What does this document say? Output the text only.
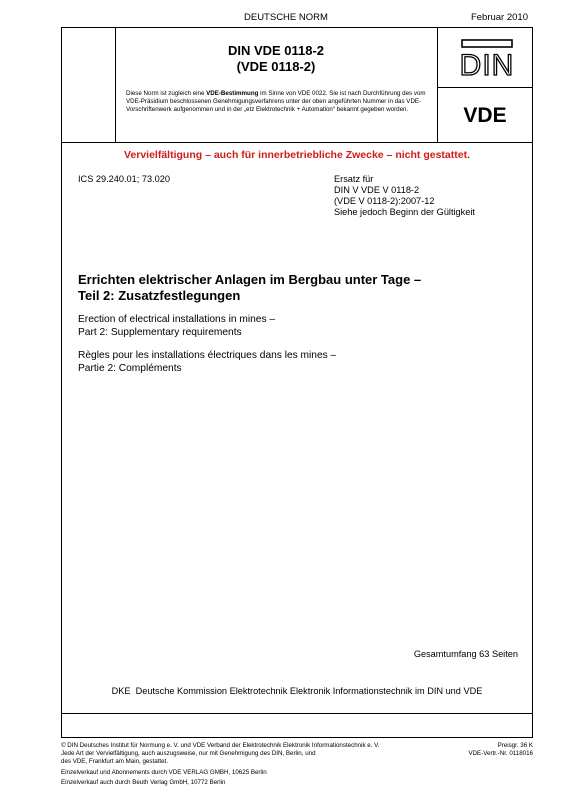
DEUTSCHE NORM	Februar 2010
DIN VDE 0118-2
(VDE 0118-2)
Diese Norm ist zugleich eine VDE-Bestimmung im Sinne von VDE 0022. Sie ist nach Durchführung des vom VDE-Präsidium beschlossenen Genehmigungsverfahrens unter der oben angeführten Nummer in das VDE-Vorschriftenwerk aufgenommen und in der „etz Elektrotechnik + Automation“ bekannt gegeben worden.
DIN
VDE
Vervielfältigung – auch für innerbetriebliche Zwecke – nicht gestattet.
ICS 29.240.01; 73.020	Ersatz für
DIN V VDE V 0118-2
(VDE V 0118-2):2007-12
Siehe jedoch Beginn der Gültigkeit
Errichten elektrischer Anlagen im Bergbau unter Tage –
Teil 2: Zusatzfestlegungen
Erection of electrical installations in mines –
Part 2: Supplementary requirements
Règles pour les installations électriques dans les mines –
Partie 2: Compléments
Gesamtumfang 63 Seiten
DKE  Deutsche Kommission Elektrotechnik Elektronik Informationstechnik im DIN und VDE
© DIN Deutsches Institut für Normung e. V. und VDE Verband der Elektrotechnik Elektronik Informationstechnik e. V.
Jede Art der Vervielfältigung, auch auszugsweise, nur mit Genehmigung des DIN, Berlin, und
des VDE, Frankfurt am Main, gestattet.
Preisgr. 36 K
VDE-Vertr.-Nr. 0118016
Einzelverkauf und Abonnements durch VDE VERLAG GMBH, 10625 Berlin
Einzelverkauf auch durch Beuth Verlag GmbH, 10772 Berlin
